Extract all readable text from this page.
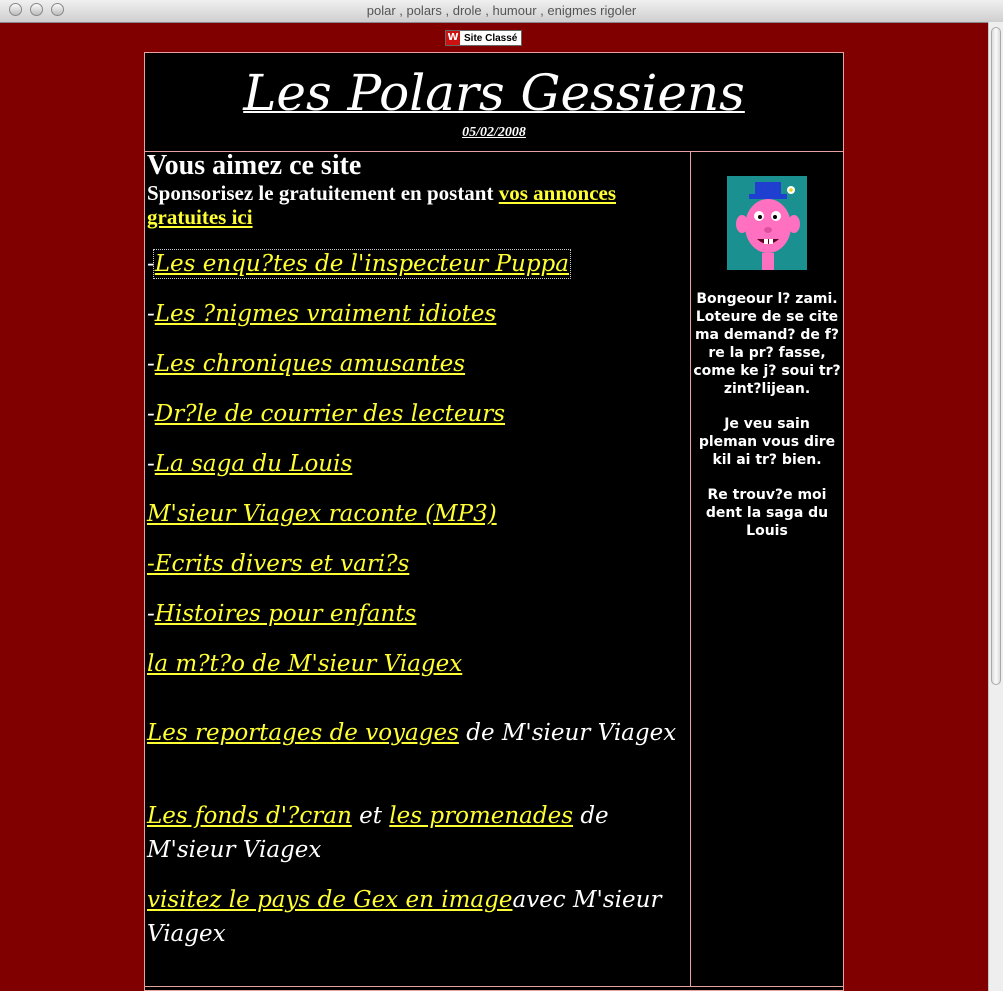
polar , polars , drole , humour , enigmes rigoler
W Site Classé
Les Polars Gessiens
05/02/2008
Vous aimez ce site
Sponsorisez le gratuitement en postant vos annonces gratuites ici
-Les enqu?tes de l'inspecteur Puppa
-Les ?nigmes vraiment idiotes
-Les chroniques amusantes
-Dr?le de courrier des lecteurs
-La saga du Louis
M'sieur Viagex raconte (MP3)
-Ecrits divers et vari?s
-Histoires pour enfants
la m?t?o de M'sieur Viagex
Les reportages de voyages de M'sieur Viagex
Les fonds d'?cran et les promenades de M'sieur Viagex
visitez le pays de Gex en imageavec M'sieur Viagex

Bongeour l? zami. Loteure de se cite ma demand? de f?re la pr? fasse, come ke j? soui tr? zint?lijean.

Je veu sain pleman vous dire kil ai tr? bien.

Re trouv?e moi dent la saga du Louis
